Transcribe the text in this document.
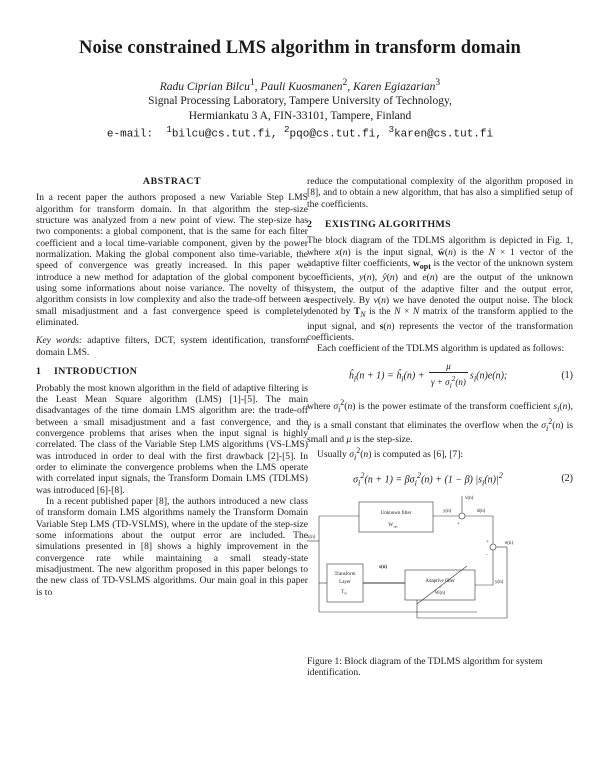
Noise constrained LMS algorithm in transform domain
Radu Ciprian Bilcu$^1$, Pauli Kuosmanen$^2$, Karen Egiazarian$^3$
Signal Processing Laboratory, Tampere University of Technology,
Hermiankatu 3 A, FIN-33101, Tampere, Finland
e-mail: $^1$bilcu@cs.tut.fi, $^2$pqo@cs.tut.fi, $^3$karen@cs.tut.fi
ABSTRACT

In a recent paper the authors proposed a new Variable Step LMS algorithm for transform domain. In that algorithm the step-size structure was analyzed from a new point of view. The step-size has two components: a global component, that is the same for each filter coefficient and a local time-variable component, given by the power normalization. Making the global component also time-variable, the speed of convergence was greatly increased. In this paper we introduce a new method for adaptation of the global component by using some informations about noise variance. The novelty of this algorithm consists in low complexity and also the trade-off between a small misadjustment and a fast convergence speed is completely eliminated.

Key words: adaptive filters, DCT, system identification, transform domain LMS.

1 INTRODUCTION

Probably the most known algorithm in the field of adaptive filtering is the Least Mean Square algorithm (LMS) [1]-[5]. The main disadvantages of the time domain LMS algorithm are: the trade-off between a small misadjustment and a fast convergence, and the convergence problems that arises when the input signal is highly correlated. The class of the Variable Step LMS algorithms (VS-LMS) was introduced in order to deal with the first drawback [2]-[5]. In order to eliminate the convergence problems when the LMS operate with correlated input signals, the Transform Domain LMS (TDLMS) was introduced [6]-[8].

In a recent published paper [8], the authors introduced a new class of transform domain LMS algorithms namely the Transform Domain Variable Step LMS (TD-VSLMS), where in the update of the step-size some informations about the output error are included. The simulations presented in [8] shows a highly improvement in the convergence rate while maintaining a small steady-state misadjustment. The new algorithm proposed in this paper belongs to the new class of TD-VSLMS algorithms. Our main goal in this paper is to

reduce the computational complexity of the algorithm proposed in [8], and to obtain a new algorithm, that has also a simplified setup of the coefficients.

2 EXISTING ALGORITHMS

The block diagram of the TDLMS algorithm is depicted in Fig. 1, where x(n) is the input signal, ŵ(n) is the N × 1 vector of the adaptive filter coefficients, $w_{opt}$ is the vector of the unknown system coefficients, y(n), ŷ(n) and e(n) are the output of the unknown system, the output of the adaptive filter and the output error, respectively. By v(n) we have denoted the output noise. The block denoted by $T_N$ is the N × N matrix of the transform applied to the input signal, and s(n) represents the vector of the transformation coefficients.

Each coefficient of the TDLMS algorithm is updated as follows:

$ĥ_i(n + 1)$ = $ĥ_i(n) + \frac{\mu}{\gamma + \sigma_i^2(n)} s_i(n)e(n)$;	(1)

where $\sigma_i^2(n)$ is the power estimate of the transform coefficient $s_i(n)$, γ is a small constant that eliminates the overflow when the $\sigma_i^2(n)$ is small and μ is the step-size.

Usually $\sigma_i^2(n)$ is computed as [6], [7]:

$\sigma_i^2(n + 1) = \beta\sigma_i^2(n) + (1 - \beta)$ $|s_i(n)|^2$	(2)
Unknown filter
$W_{opt}$
Transform
Layer
$T_N$
Adaptive filter
^
W(n)
x(n)
s(n)
y(n)
v(n)
+
d(n)
+
-
e(n)
y(n)

Figure 1: Block diagram of the TDLMS algorithm for system identification.
